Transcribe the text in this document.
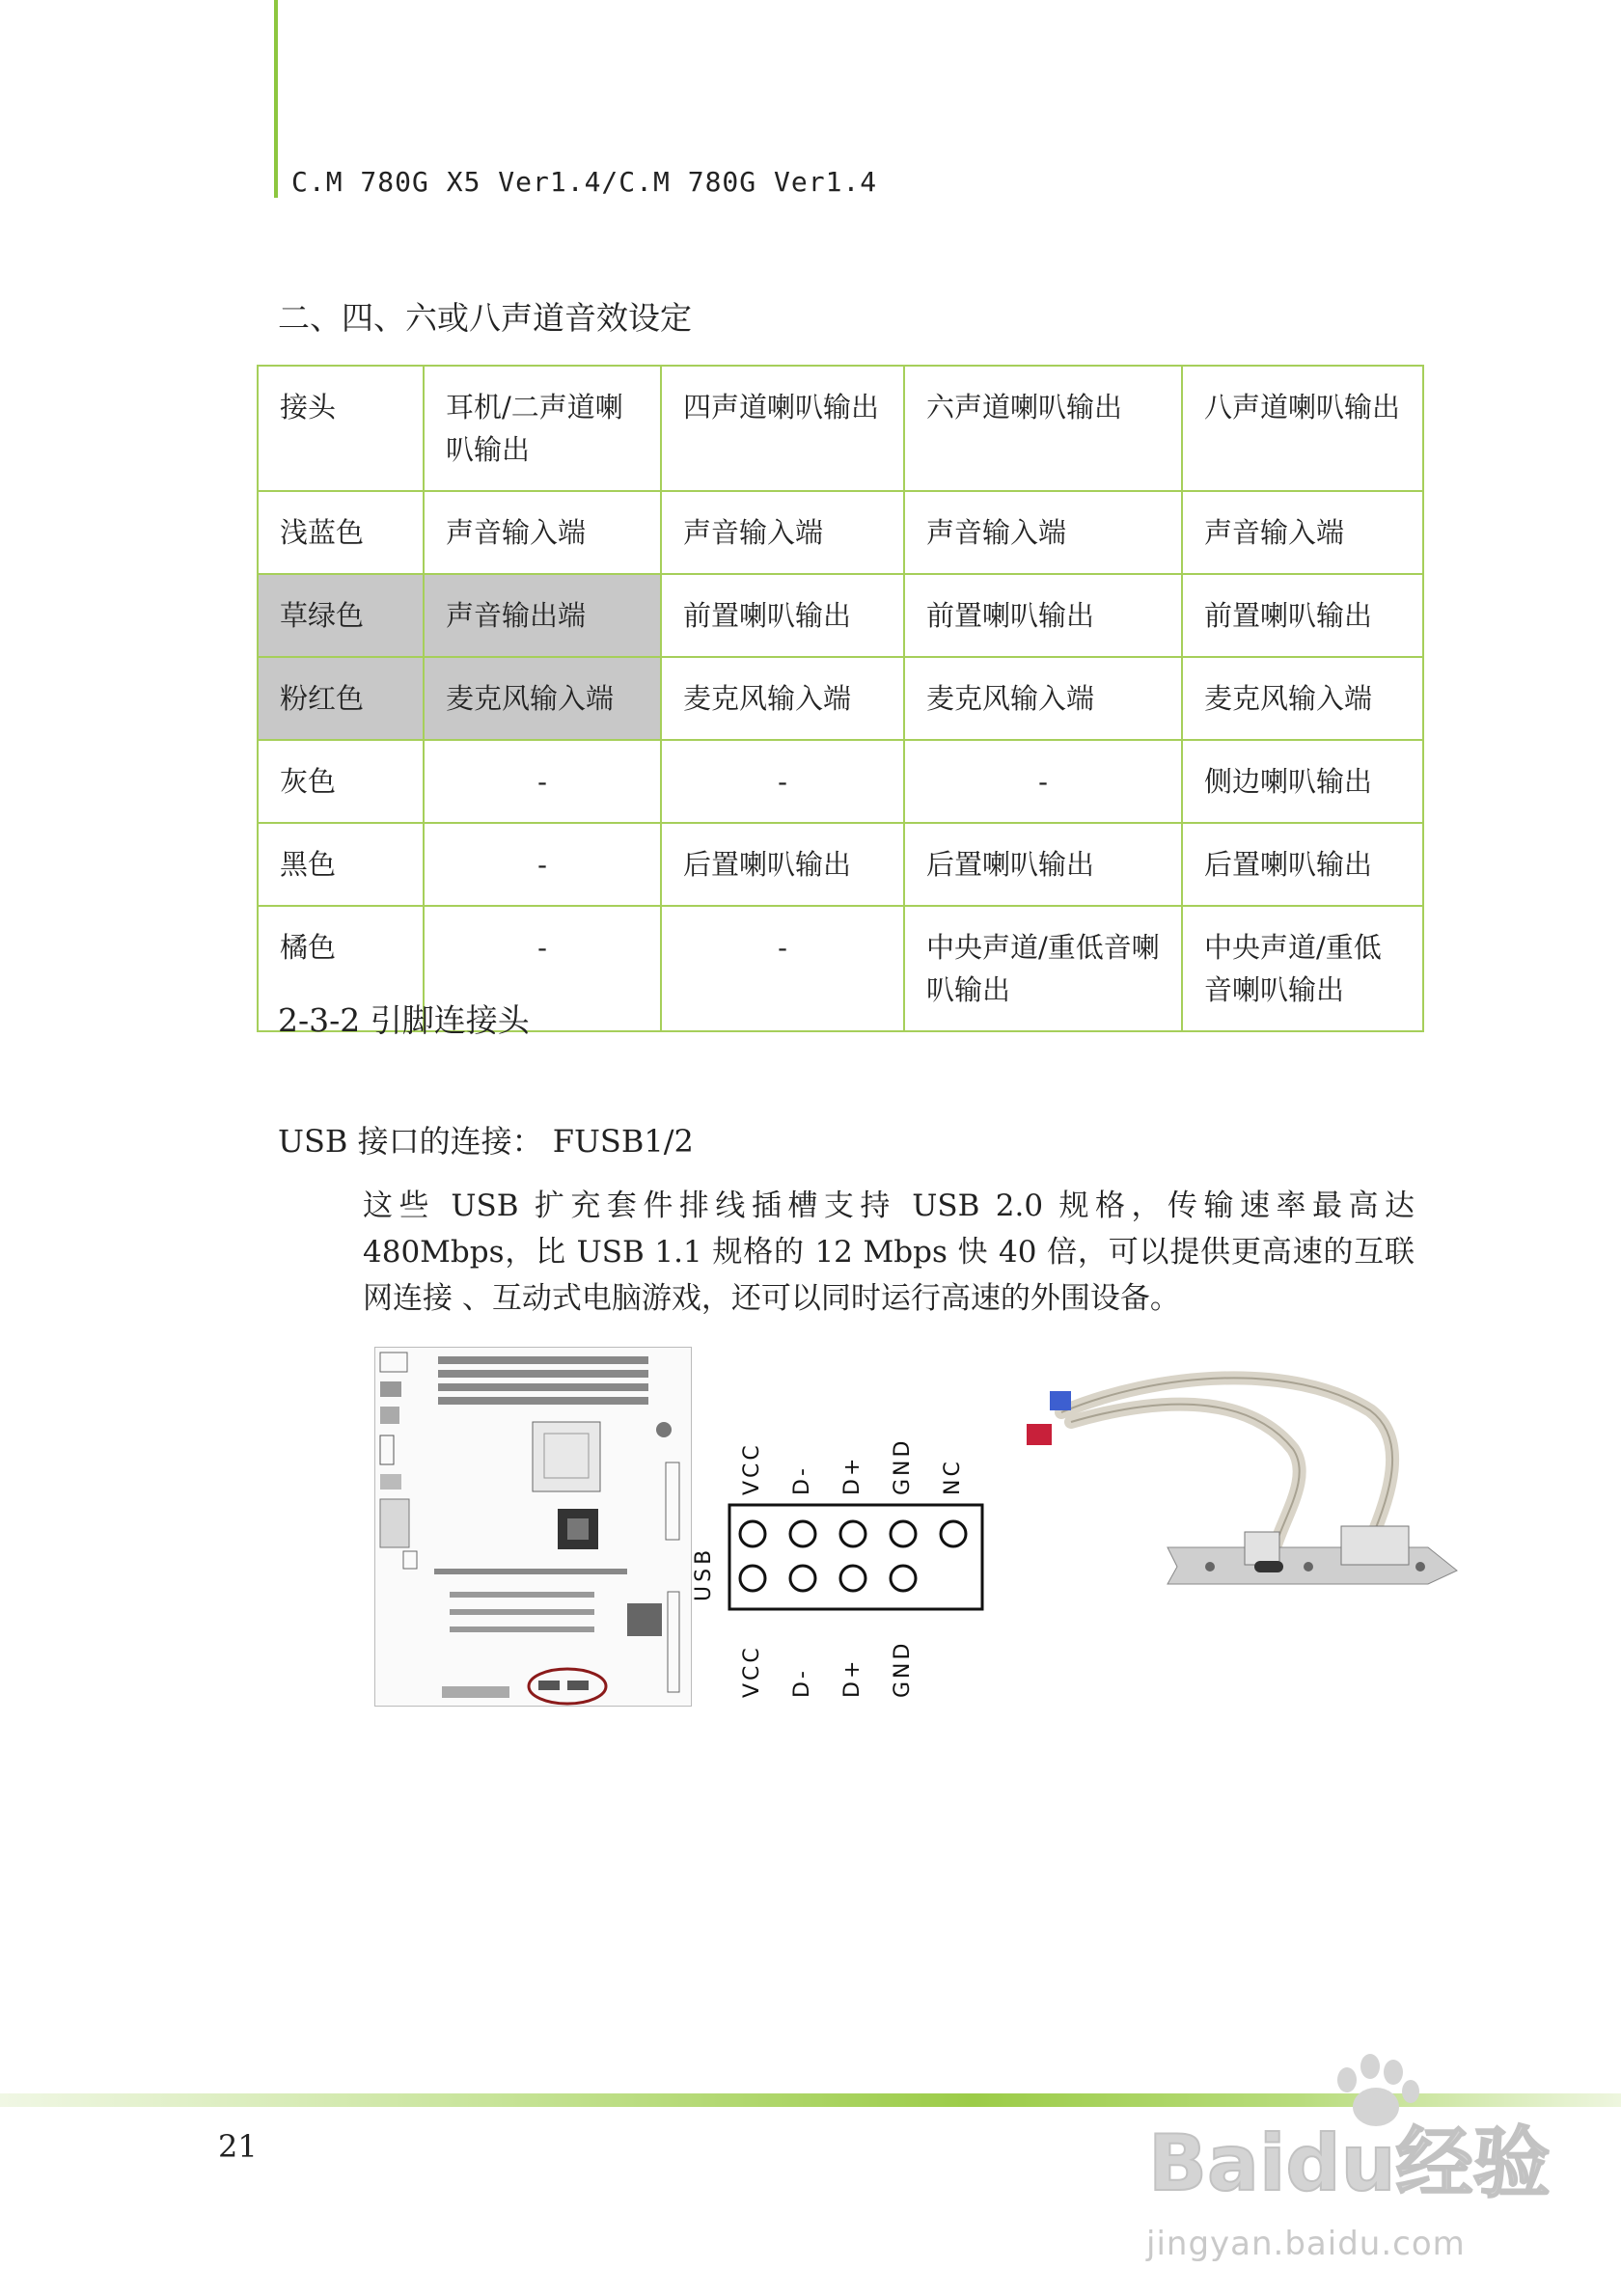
C.M 780G X5 Ver1.4/C.M 780G Ver1.4
二、四、六或八声道音效设定
接头	耳机/二声道喇叭输出	四声道喇叭输出	六声道喇叭输出	八声道喇叭输出
浅蓝色	声音输入端	声音输入端	声音输入端	声音输入端
草绿色	声音输出端	前置喇叭输出	前置喇叭输出	前置喇叭输出
粉红色	麦克风输入端	麦克风输入端	麦克风输入端	麦克风输入端
灰色	-	-	-	侧边喇叭输出
黑色	-	后置喇叭输出	后置喇叭输出	后置喇叭输出
橘色	-	-	中央声道/重低音喇叭输出	中央声道/重低音喇叭输出
2-3-2 引脚连接头
USB 接口的连接： FUSB1/2
这些 USB 扩充套件排线插槽支持 USB 2.0 规格，传输速率最高达 480Mbps，比 USB 1.1 规格的 12 Mbps 快 40 倍，可以提供更高速的互联网连接 、互动式电脑游戏，还可以同时运行高速的外围设备。
USB
VCC D- D+ GND NC
VCC D- D+ GND
21	Baidu经验
jingyan.baidu.com
